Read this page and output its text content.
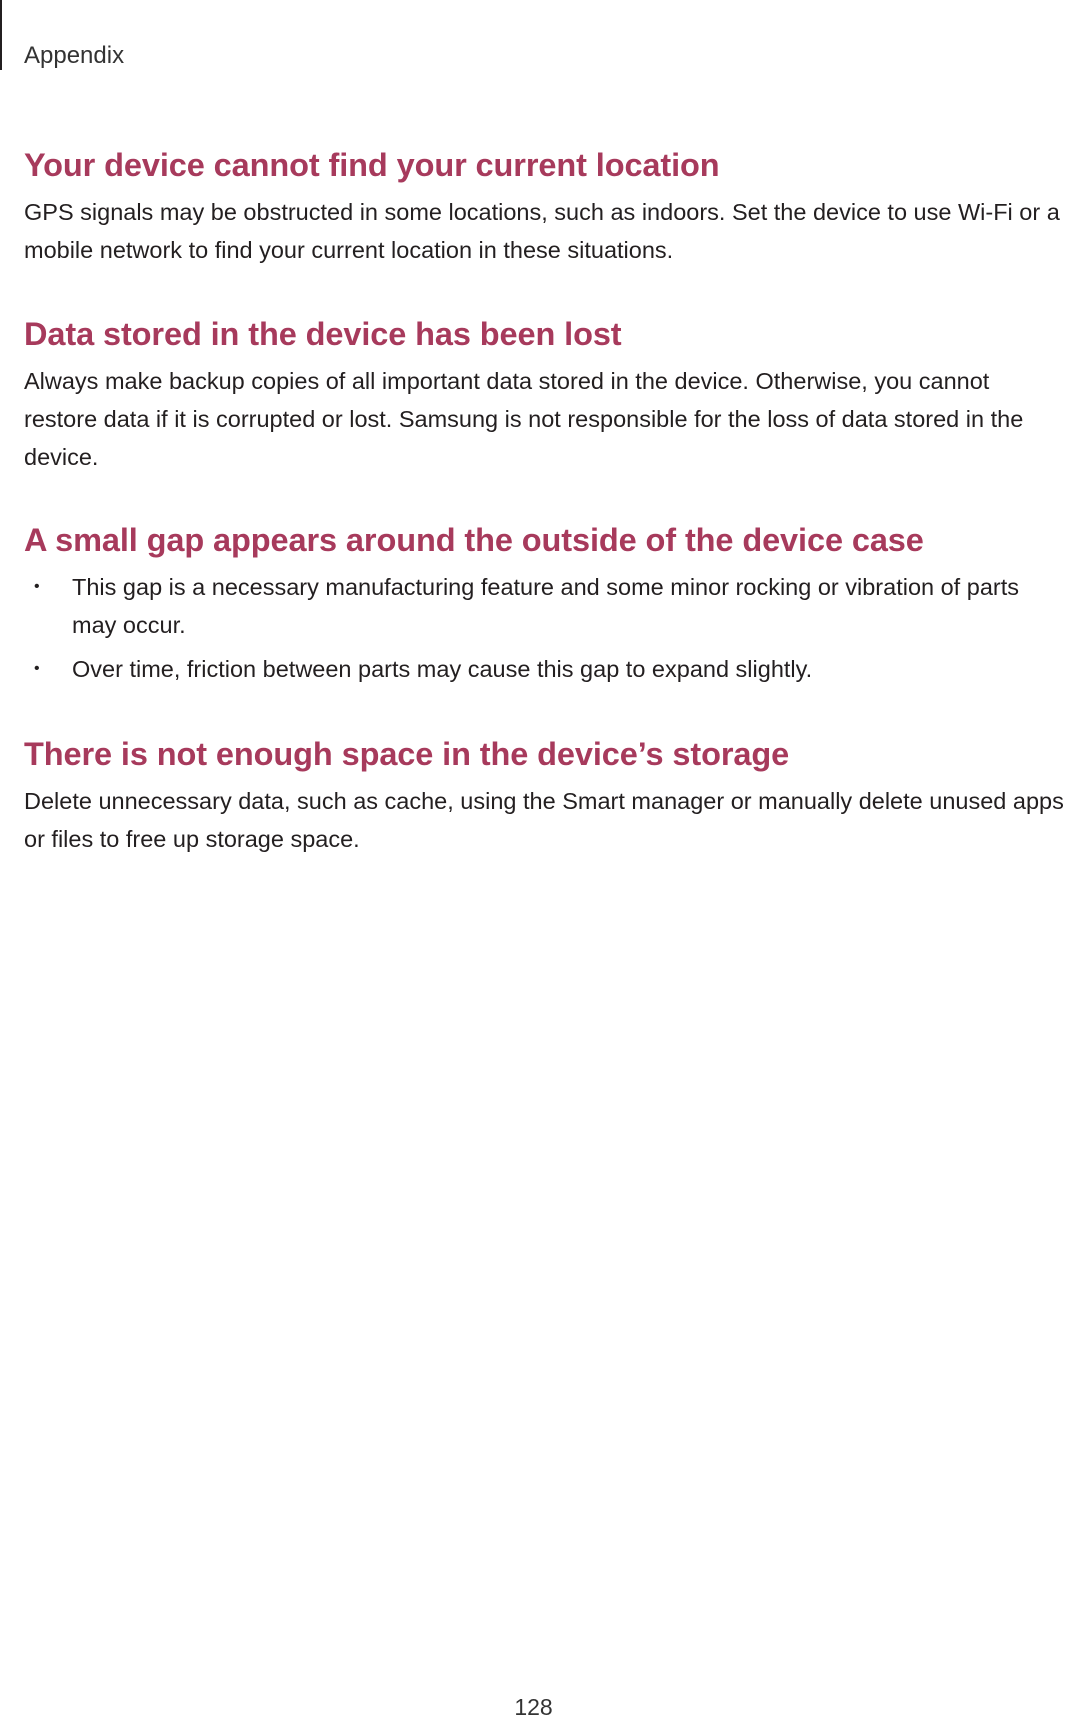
Appendix

Your device cannot find your current location

GPS signals may be obstructed in some locations, such as indoors. Set the device to use Wi-Fi or a mobile network to find your current location in these situations.

Data stored in the device has been lost

Always make backup copies of all important data stored in the device. Otherwise, you cannot restore data if it is corrupted or lost. Samsung is not responsible for the loss of data stored in the device.

A small gap appears around the outside of the device case
• This gap is a necessary manufacturing feature and some minor rocking or vibration of parts may occur.
• Over time, friction between parts may cause this gap to expand slightly.
There is not enough space in the device’s storage

Delete unnecessary data, such as cache, using the Smart manager or manually delete unused apps or files to free up storage space.

128
